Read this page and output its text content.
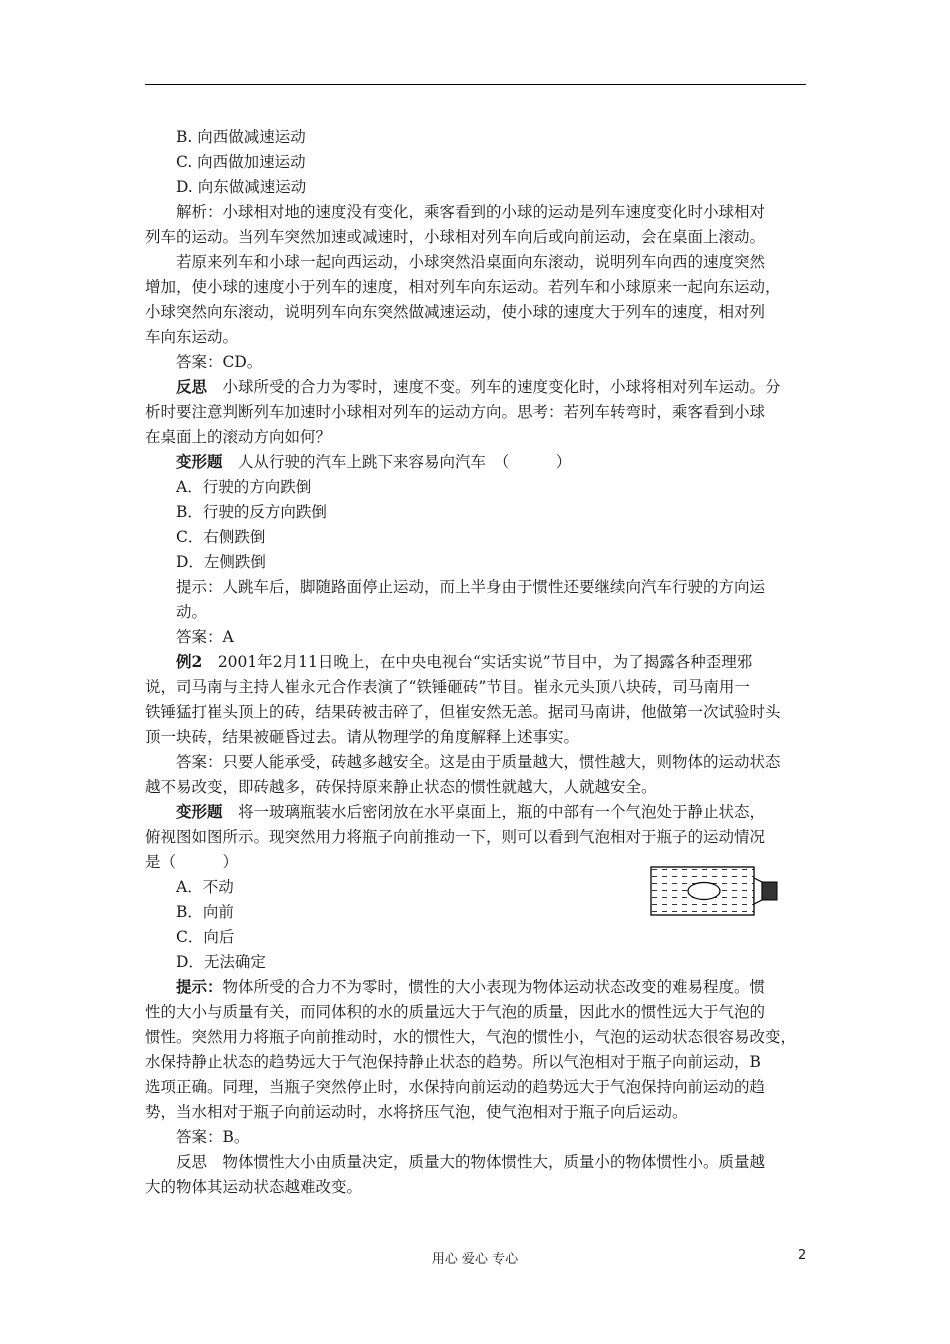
B. 向西做减速运动
C. 向西做加速运动
D. 向东做减速运动
解析：小球相对地的速度没有变化，乘客看到的小球的运动是列车速度变化时小球相对
列车的运动。当列车突然加速或减速时，小球相对列车向后或向前运动，会在桌面上滚动。
若原来列车和小球一起向西运动，小球突然沿桌面向东滚动，说明列车向西的速度突然
增加，使小球的速度小于列车的速度，相对列车向东运动。若列车和小球原来一起向东运动，
小球突然向东滚动，说明列车向东突然做减速运动，使小球的速度大于列车的速度，相对列
车向东运动。
答案：CD。
反思　 小球所受的合力为零时，速度不变。列车的速度变化时，小球将相对列车运动。分
析时要注意判断列车加速时小球相对列车的运动方向。思考：若列车转弯时，乘客看到小球
在桌面上的滚动方向如何？
变形题　 人从行驶的汽车上跳下来容易向汽车　（　　　）
A．行驶的方向跌倒
B．行驶的反方向跌倒
C．右侧跌倒
D．左侧跌倒
提示：人跳车后，脚随路面停止运动，而上半身由于惯性还要继续向汽车行驶的方向运
动。
答案：A
例2　 2001年2月11日晚上，在中央电视台“实话实说”节目中，为了揭露各种歪理邪
说，司马南与主持人崔永元合作表演了“铁锤砸砖”节目。崔永元头顶八块砖，司马南用一
铁锤猛打崔头顶上的砖，结果砖被击碎了，但崔安然无恙。据司马南讲，他做第一次试验时头
顶一块砖，结果被砸昏过去。请从物理学的角度解释上述事实。
答案：只要人能承受，砖越多越安全。这是由于质量越大，惯性越大，则物体的运动状态
越不易改变，即砖越多，砖保持原来静止状态的惯性就越大，人就越安全。
变形题　 将一玻璃瓶装水后密闭放在水平桌面上，瓶的中部有一个气泡处于静止状态，
俯视图如图所示。现突然用力将瓶子向前推动一下，则可以看到气泡相对于瓶子的运动情况
是（　　　）
A．不动
B．向前
C．向后
D．无法确定
提示：物体所受的合力不为零时，惯性的大小表现为物体运动状态改变的难易程度。惯
性的大小与质量有关，而同体积的水的质量远大于气泡的质量，因此水的惯性远大于气泡的
惯性。突然用力将瓶子向前推动时，水的惯性大，气泡的惯性小，气泡的运动状态很容易改变，
水保持静止状态的趋势远大于气泡保持静止状态的趋势。所以气泡相对于瓶子向前运动，B
选项正确。同理，当瓶子突然停止时，水保持向前运动的趋势远大于气泡保持向前运动的趋
势，当水相对于瓶子向前运动时，水将挤压气泡，使气泡相对于瓶子向后运动。
答案：B。
反思　 物体惯性大小由质量决定，质量大的物体惯性大，质量小的物体惯性小。质量越
大的物体其运动状态越难改变。
用心 爱心 专心	2
